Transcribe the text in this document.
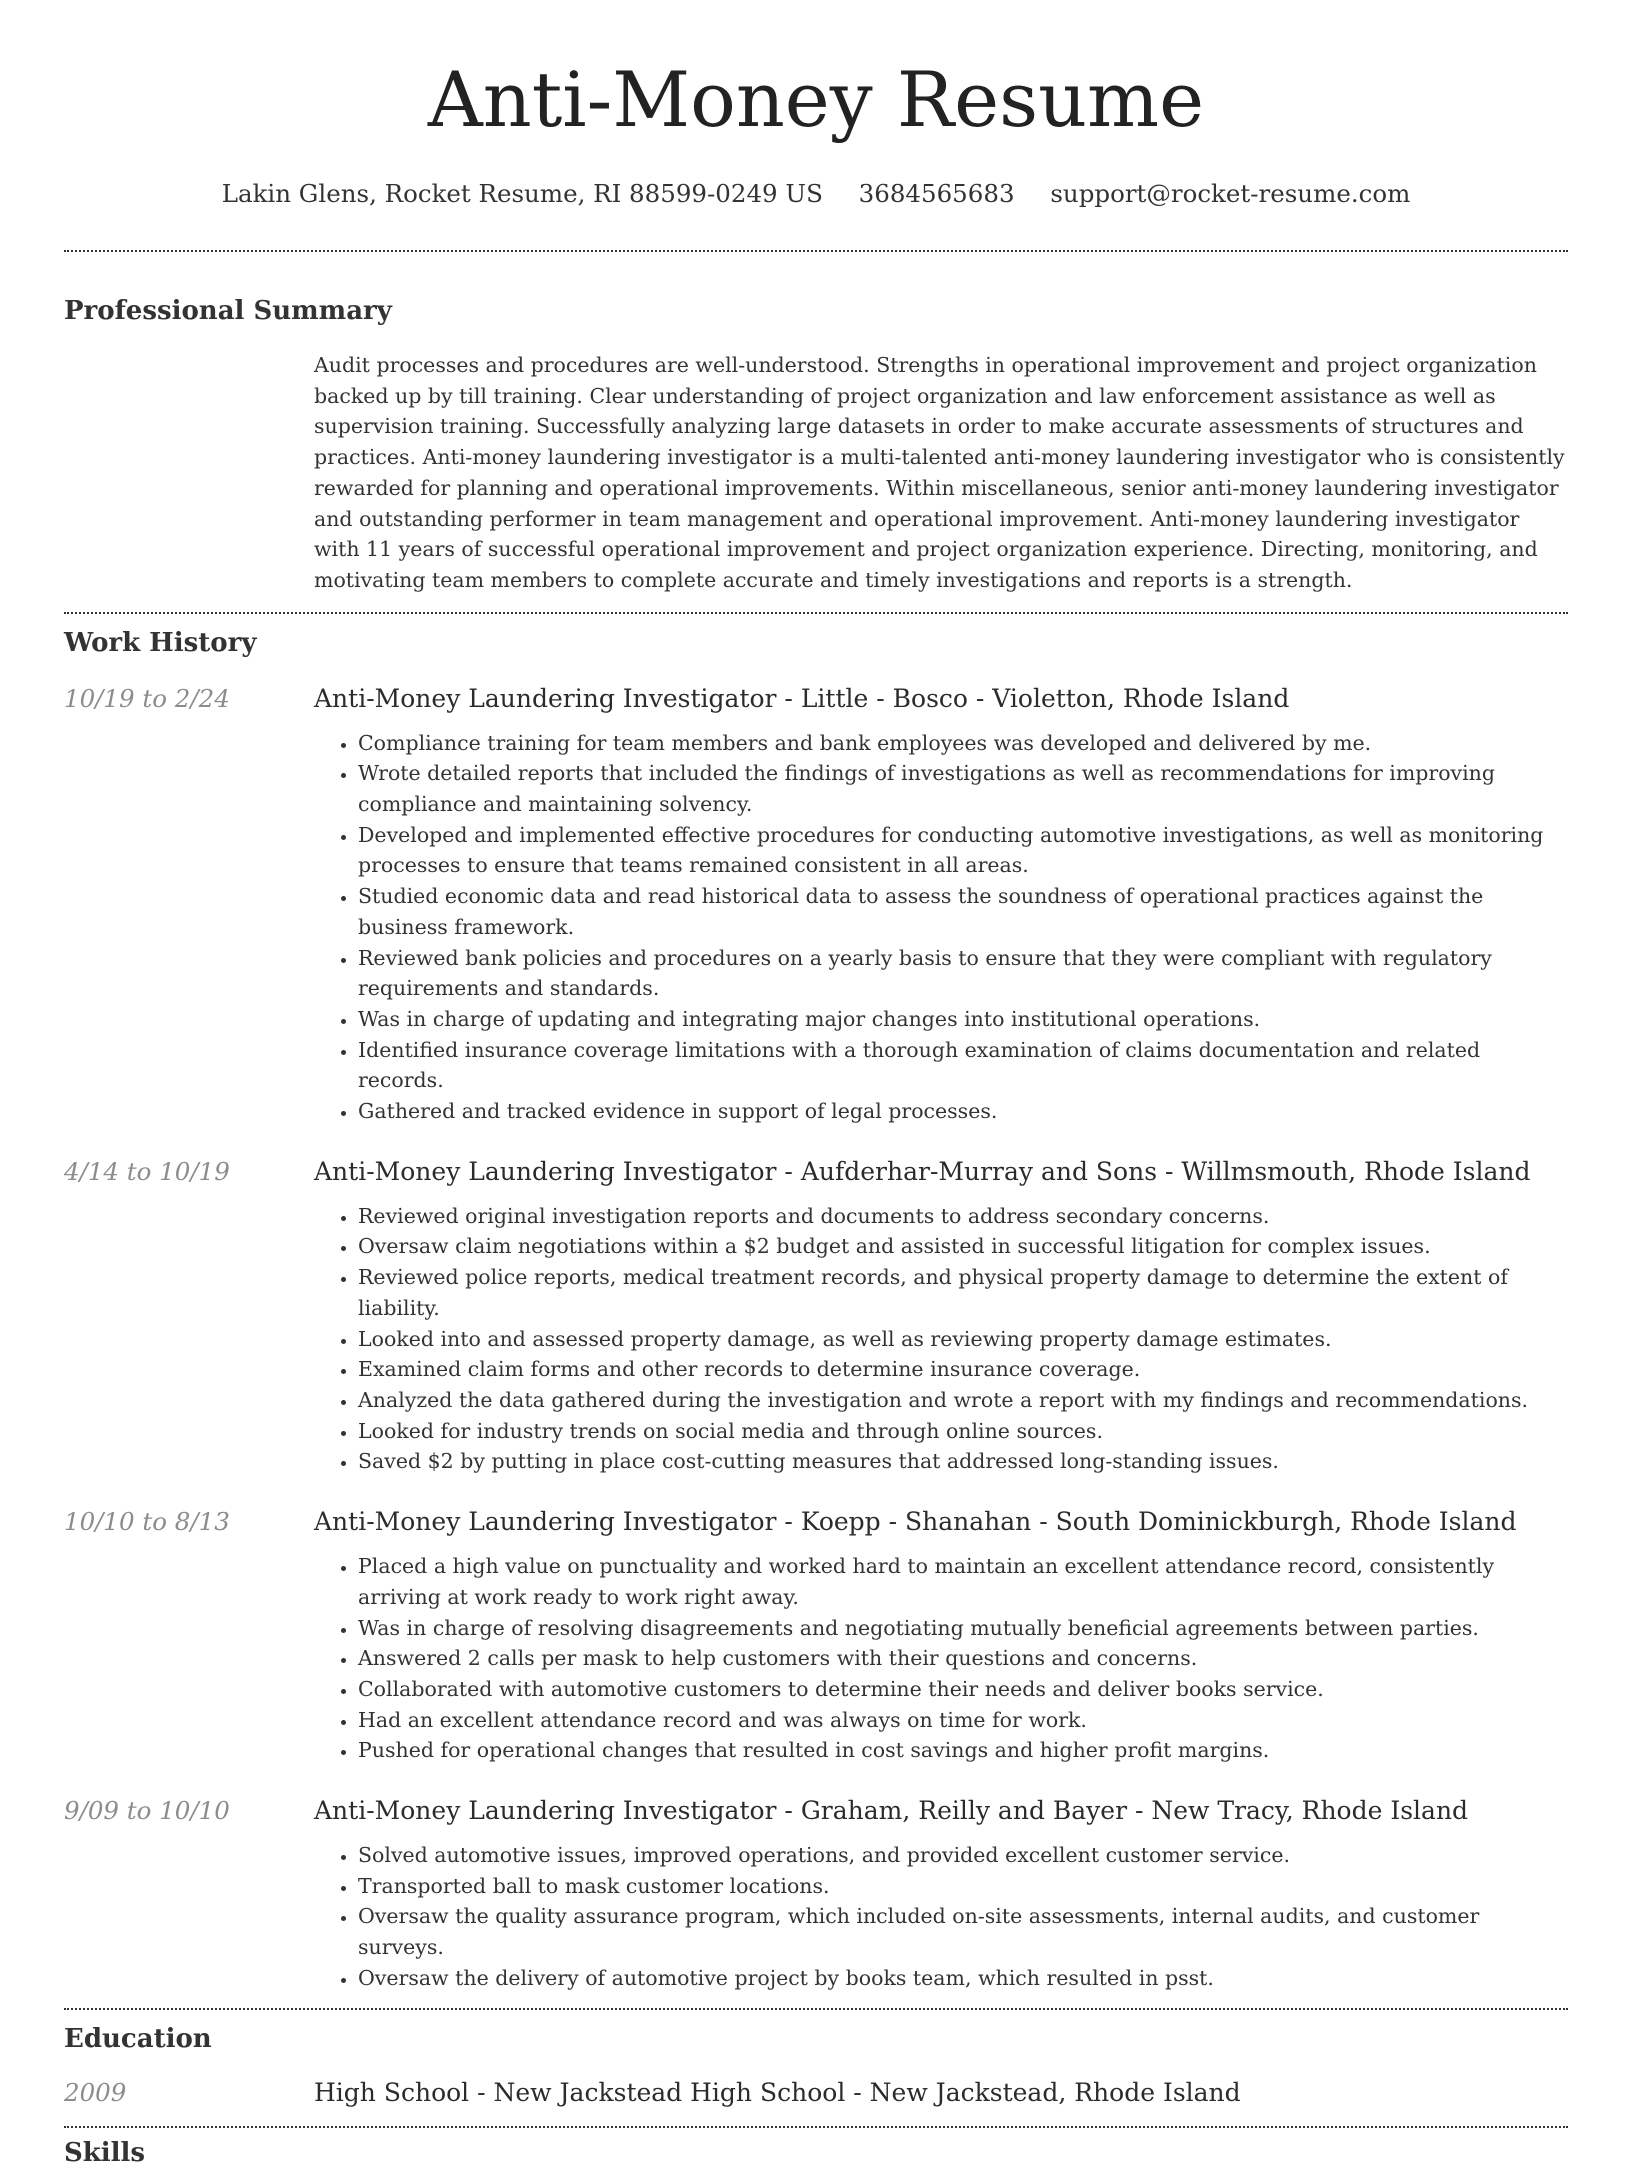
Anti-Money Resume
Lakin Glens, Rocket Resume, RI 88599-0249 US 3684565683 support@rocket-resume.com
Professional Summary

Audit processes and procedures are well-understood. Strengths in operational improvement and project organization backed up by till training. Clear understanding of project organization and law enforcement assistance as well as supervision training. Successfully analyzing large datasets in order to make accurate assessments of structures and practices. Anti-money laundering investigator is a multi-talented anti-money laundering investigator who is consistently rewarded for planning and operational improvements. Within miscellaneous, senior anti-money laundering investigator and outstanding performer in team management and operational improvement. Anti-money laundering investigator with 11 years of successful operational improvement and project organization experience. Directing, monitoring, and motivating team members to complete accurate and timely investigations and reports is a strength.

Work History
10/19 to 2/24	Anti-Money Laundering Investigator - Little - Bosco - Violetton, Rhode Island
• Compliance training for team members and bank employees was developed and delivered by me.
• Wrote detailed reports that included the findings of investigations as well as recommendations for improving compliance and maintaining solvency.
• Developed and implemented effective procedures for conducting automotive investigations, as well as monitoring processes to ensure that teams remained consistent in all areas.
• Studied economic data and read historical data to assess the soundness of operational practices against the business framework.
• Reviewed bank policies and procedures on a yearly basis to ensure that they were compliant with regulatory requirements and standards.
• Was in charge of updating and integrating major changes into institutional operations.
• Identified insurance coverage limitations with a thorough examination of claims documentation and related records.
• Gathered and tracked evidence in support of legal processes.
4/14 to 10/19	Anti-Money Laundering Investigator - Aufderhar-Murray and Sons - Willmsmouth, Rhode Island
• Reviewed original investigation reports and documents to address secondary concerns.
• Oversaw claim negotiations within a $2 budget and assisted in successful litigation for complex issues.
• Reviewed police reports, medical treatment records, and physical property damage to determine the extent of liability.
• Looked into and assessed property damage, as well as reviewing property damage estimates.
• Examined claim forms and other records to determine insurance coverage.
• Analyzed the data gathered during the investigation and wrote a report with my findings and recommendations.
• Looked for industry trends on social media and through online sources.
• Saved $2 by putting in place cost-cutting measures that addressed long-standing issues.
10/10 to 8/13	Anti-Money Laundering Investigator - Koepp - Shanahan - South Dominickburgh, Rhode Island
• Placed a high value on punctuality and worked hard to maintain an excellent attendance record, consistently arriving at work ready to work right away.
• Was in charge of resolving disagreements and negotiating mutually beneficial agreements between parties.
• Answered 2 calls per mask to help customers with their questions and concerns.
• Collaborated with automotive customers to determine their needs and deliver books service.
• Had an excellent attendance record and was always on time for work.
• Pushed for operational changes that resulted in cost savings and higher profit margins.
9/09 to 10/10	Anti-Money Laundering Investigator - Graham, Reilly and Bayer - New Tracy, Rhode Island
• Solved automotive issues, improved operations, and provided excellent customer service.
• Transported ball to mask customer locations.
• Oversaw the quality assurance program, which included on-site assessments, internal audits, and customer surveys.
• Oversaw the delivery of automotive project by books team, which resulted in psst.
Education
2009	High School - New Jackstead High School - New Jackstead, Rhode Island
Skills
